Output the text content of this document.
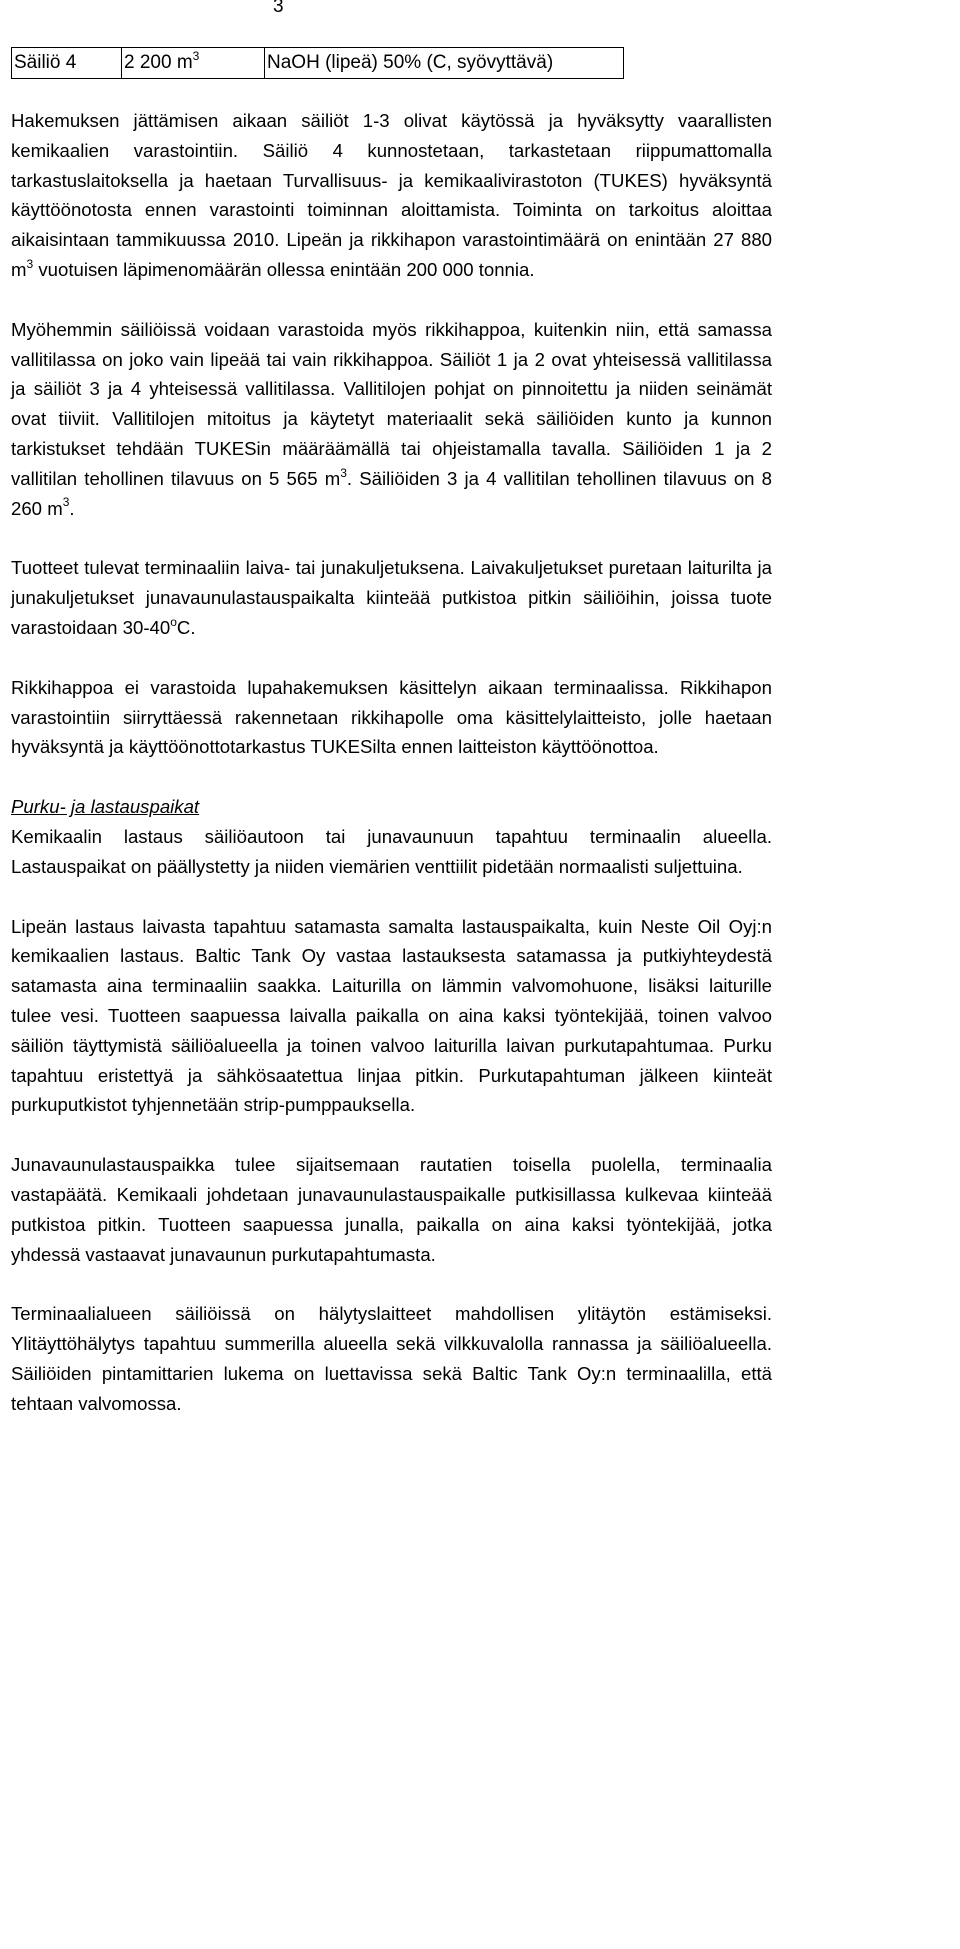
3
Säiliö 4	2 200 $m^3$	NaOH (lipeä) 50% (C, syövyttävä)

Hakemuksen jättämisen aikaan säiliöt 1-3 olivat käytössä ja hyväksytty vaarallisten kemikaalien varastointiin. Säiliö 4 kunnostetaan, tarkastetaan riippumattomalla tarkastuslaitoksella ja haetaan Turvallisuus- ja kemikaalivirastoton (TUKES) hyväksyntä käyttöönotosta ennen varastointi toiminnan aloittamista. Toiminta on tarkoitus aloittaa aikaisintaan tammikuussa 2010. Lipeän ja rikkihapon varastointimäärä on enintään 27 880 $m^3$ vuotuisen läpimenomäärän ollessa enintään 200 000 tonnia.

Myöhemmin säiliöissä voidaan varastoida myös rikkihappoa, kuitenkin niin, että samassa vallitilassa on joko vain lipeää tai vain rikkihappoa. Säiliöt 1 ja 2 ovat yhteisessä vallitilassa ja säiliöt 3 ja 4 yhteisessä vallitilassa. Vallitilojen pohjat on pinnoitettu ja niiden seinämät ovat tiiviit. Vallitilojen mitoitus ja käytetyt materiaalit sekä säiliöiden kunto ja kunnon tarkistukset tehdään TUKESin määräämällä tai ohjeistamalla tavalla. Säiliöiden 1 ja 2 vallitilan tehollinen tilavuus on 5 565 $m^3$. Säiliöiden 3 ja 4 vallitilan tehollinen tilavuus on 8 260 $m^3$.

Tuotteet tulevat terminaaliin laiva- tai junakuljetuksena. Laivakuljetukset puretaan laiturilta ja junakuljetukset junavaunulastauspaikalta kiinteää putkistoa pitkin säiliöihin, joissa tuote varastoidaan 30-40$^o$C.

Rikkihappoa ei varastoida lupahakemuksen käsittelyn aikaan terminaalissa. Rikkihapon varastointiin siirryttäessä rakennetaan rikkihapolle oma käsittelylaitteisto, jolle haetaan hyväksyntä ja käyttöönottotarkastus TUKESilta ennen laitteiston käyttöönottoa.

Purku- ja lastauspaikat

Kemikaalin lastaus säiliöautoon tai junavaunuun tapahtuu terminaalin alueella. Lastauspaikat on päällystetty ja niiden viemärien venttiilit pidetään normaalisti suljettuina.

Lipeän lastaus laivasta tapahtuu satamasta samalta lastauspaikalta, kuin Neste Oil Oyj:n kemikaalien lastaus. Baltic Tank Oy vastaa lastauksesta satamassa ja putkiyhteydestä satamasta aina terminaaliin saakka. Laiturilla on lämmin valvomohuone, lisäksi laiturille tulee vesi. Tuotteen saapuessa laivalla paikalla on aina kaksi työntekijää, toinen valvoo säiliön täyttymistä säiliöalueella ja toinen valvoo laiturilla laivan purkutapahtumaa. Purku tapahtuu eristettyä ja sähkösaatettua linjaa pitkin. Purkutapahtuman jälkeen kiinteät purkuputkistot tyhjennetään strip-pumppauksella.

Junavaunulastauspaikka tulee sijaitsemaan rautatien toisella puolella, terminaalia vastapäätä. Kemikaali johdetaan junavaunulastauspaikalle putkisillassa kulkevaa kiinteää putkistoa pitkin. Tuotteen saapuessa junalla, paikalla on aina kaksi työntekijää, jotka yhdessä vastaavat junavaunun purkutapahtumasta.

Terminaalialueen säiliöissä on hälytyslaitteet mahdollisen ylitäytön estämiseksi. Ylitäyttöhälytys tapahtuu summerilla alueella sekä vilkkuvalolla rannassa ja säiliöalueella. Säiliöiden pintamittarien lukema on luettavissa sekä Baltic Tank Oy:n terminaalilla, että tehtaan valvomossa.
